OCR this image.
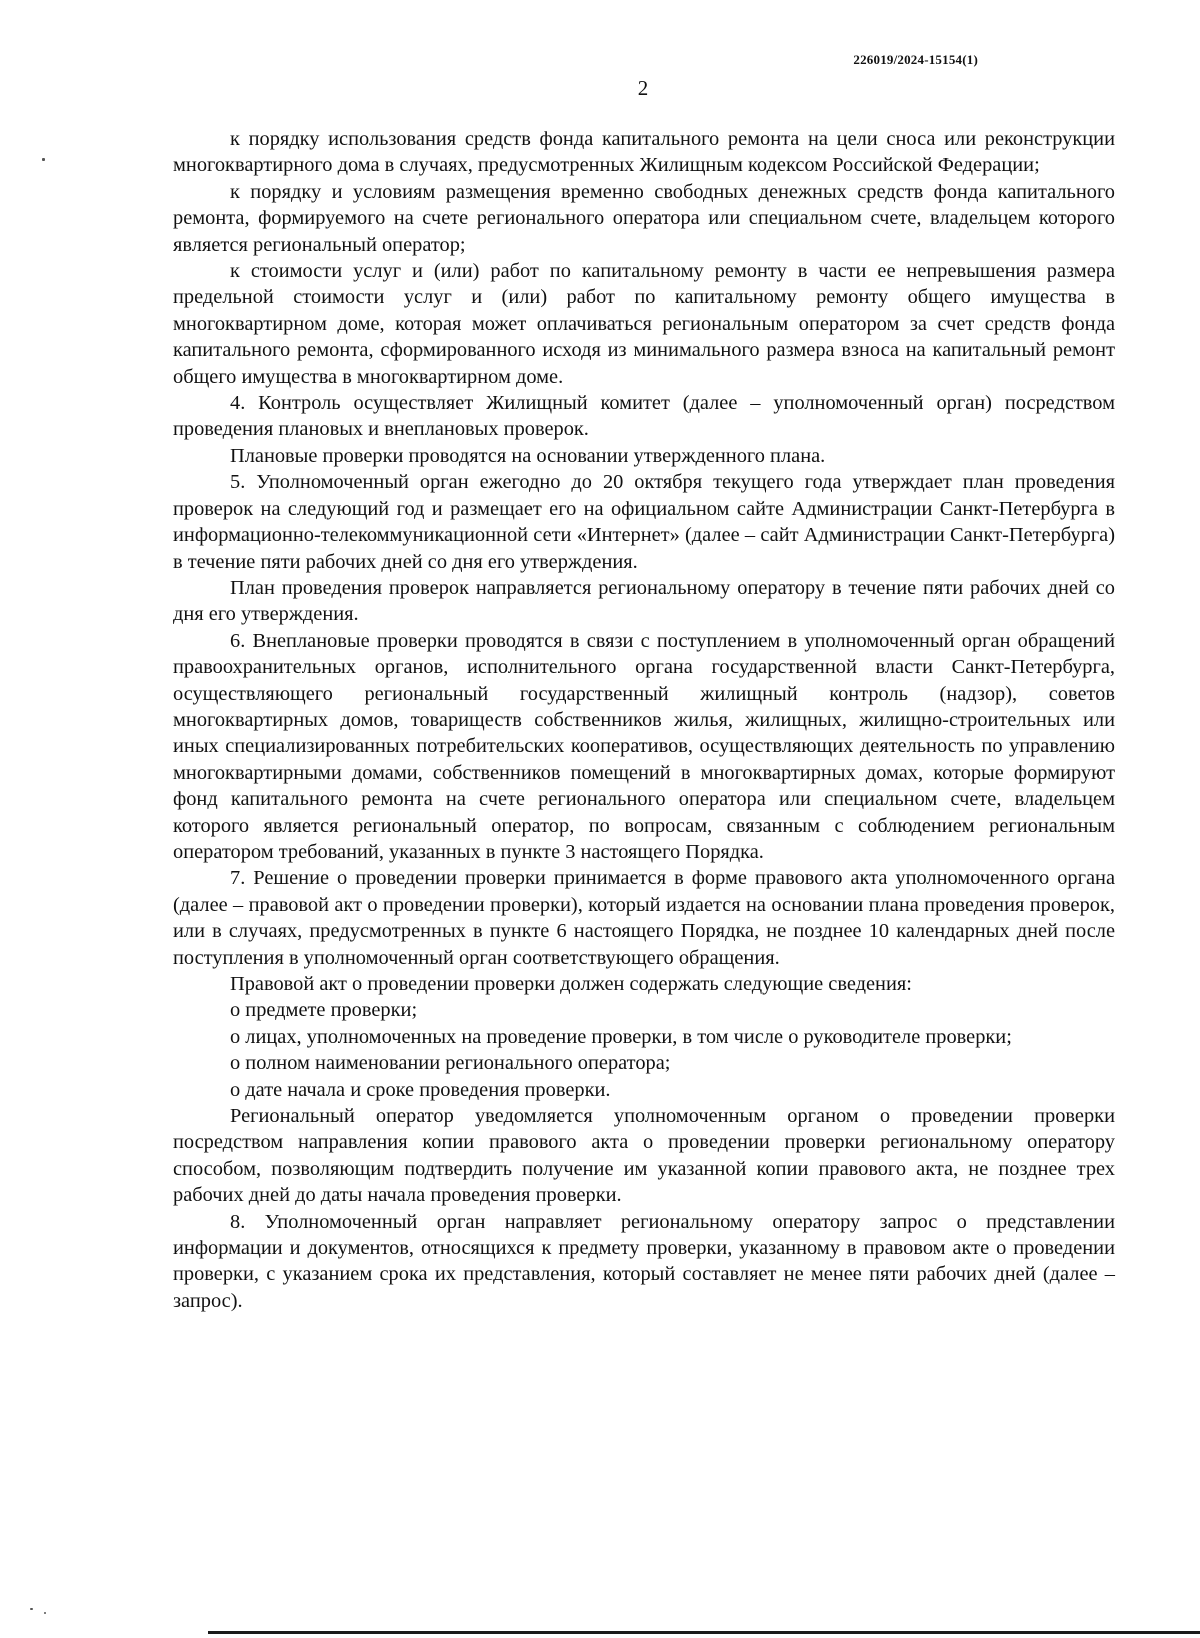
226019/2024-15154(1)
2

к порядку использования средств фонда капитального ремонта на цели сноса или реконструкции многоквартирного дома в случаях, предусмотренных Жилищным кодексом Российской Федерации;

к порядку и условиям размещения временно свободных денежных средств фонда капитального ремонта, формируемого на счете регионального оператора или специальном счете, владельцем которого является региональный оператор;

к стоимости услуг и (или) работ по капитальному ремонту в части ее непревышения размера предельной стоимости услуг и (или) работ по капитальному ремонту общего имущества в многоквартирном доме, которая может оплачиваться региональным оператором за счет средств фонда капитального ремонта, сформированного исходя из минимального размера взноса на капитальный ремонт общего имущества в многоквартирном доме.

4. Контроль осуществляет Жилищный комитет (далее – уполномоченный орган) посредством проведения плановых и внеплановых проверок.

Плановые проверки проводятся на основании утвержденного плана.

5. Уполномоченный орган ежегодно до 20 октября текущего года утверждает план проведения проверок на следующий год и размещает его на официальном сайте Администрации Санкт-Петербурга в информационно-телекоммуникационной сети «Интернет» (далее – сайт Администрации Санкт-Петербурга) в течение пяти рабочих дней со дня его утверждения.

План проведения проверок направляется региональному оператору в течение пяти рабочих дней со дня его утверждения.

6. Внеплановые проверки проводятся в связи с поступлением в уполномоченный орган обращений правоохранительных органов, исполнительного органа государственной власти Санкт-Петербурга, осуществляющего региональный государственный жилищный контроль (надзор), советов многоквартирных домов, товариществ собственников жилья, жилищных, жилищно-строительных или иных специализированных потребительских кооперативов, осуществляющих деятельность по управлению многоквартирными домами, собственников помещений в многоквартирных домах, которые формируют фонд капитального ремонта на счете регионального оператора или специальном счете, владельцем которого является региональный оператор, по вопросам, связанным с соблюдением региональным оператором требований, указанных в пункте 3 настоящего Порядка.

7. Решение о проведении проверки принимается в форме правового акта уполномоченного органа (далее – правовой акт о проведении проверки), который издается на основании плана проведения проверок, или в случаях, предусмотренных в пункте 6 настоящего Порядка, не позднее 10 календарных дней после поступления в уполномоченный орган соответствующего обращения.

Правовой акт о проведении проверки должен содержать следующие сведения:

о предмете проверки;

о лицах, уполномоченных на проведение проверки, в том числе о руководителе проверки;

о полном наименовании регионального оператора;

о дате начала и сроке проведения проверки.

Региональный оператор уведомляется уполномоченным органом о проведении проверки посредством направления копии правового акта о проведении проверки региональному оператору способом, позволяющим подтвердить получение им указанной копии правового акта, не позднее трех рабочих дней до даты начала проведения проверки.

8. Уполномоченный орган направляет региональному оператору запрос о представлении информации и документов, относящихся к предмету проверки, указанному в правовом акте о проведении проверки, с указанием срока их представления, который составляет не менее пяти рабочих дней (далее – запрос).
